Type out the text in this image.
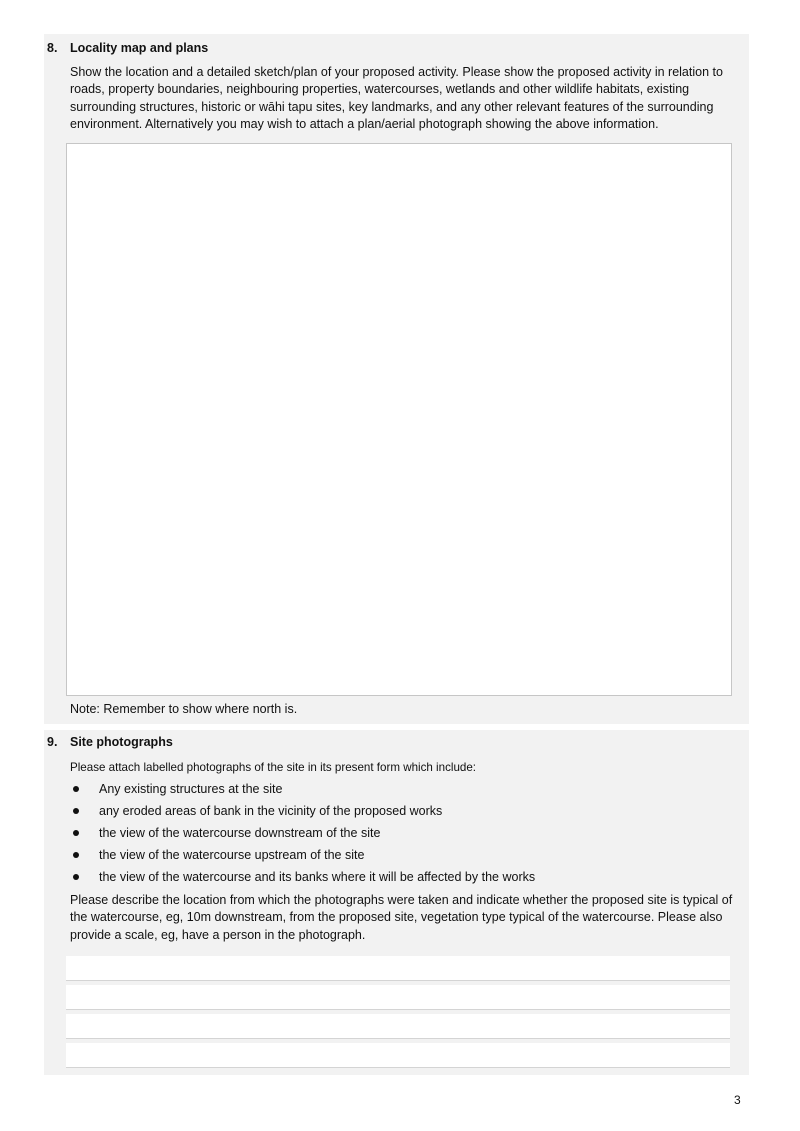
8. Locality map and plans

Show the location and a detailed sketch/plan of your proposed activity. Please show the proposed activity in relation to roads, property boundaries, neighbouring properties, watercourses, wetlands and other wildlife habitats, existing surrounding structures, historic or wāhi tapu sites, key landmarks, and any other relevant features of the surrounding environment. Alternatively you may wish to attach a plan/aerial photograph showing the above information.

Note: Remember to show where north is.
9. Site photographs

Please attach labelled photographs of the site in its present form which include:

Any existing structures at the site
any eroded areas of bank in the vicinity of the proposed works
the view of the watercourse downstream of the site
the view of the watercourse upstream of the site
the view of the watercourse and its banks where it will be affected by the works

Please describe the location from which the photographs were taken and indicate whether the proposed site is typical of the watercourse, eg, 10m downstream, from the proposed site, vegetation type typical of the watercourse. Please also provide a scale, eg, have a person in the photograph.

3
